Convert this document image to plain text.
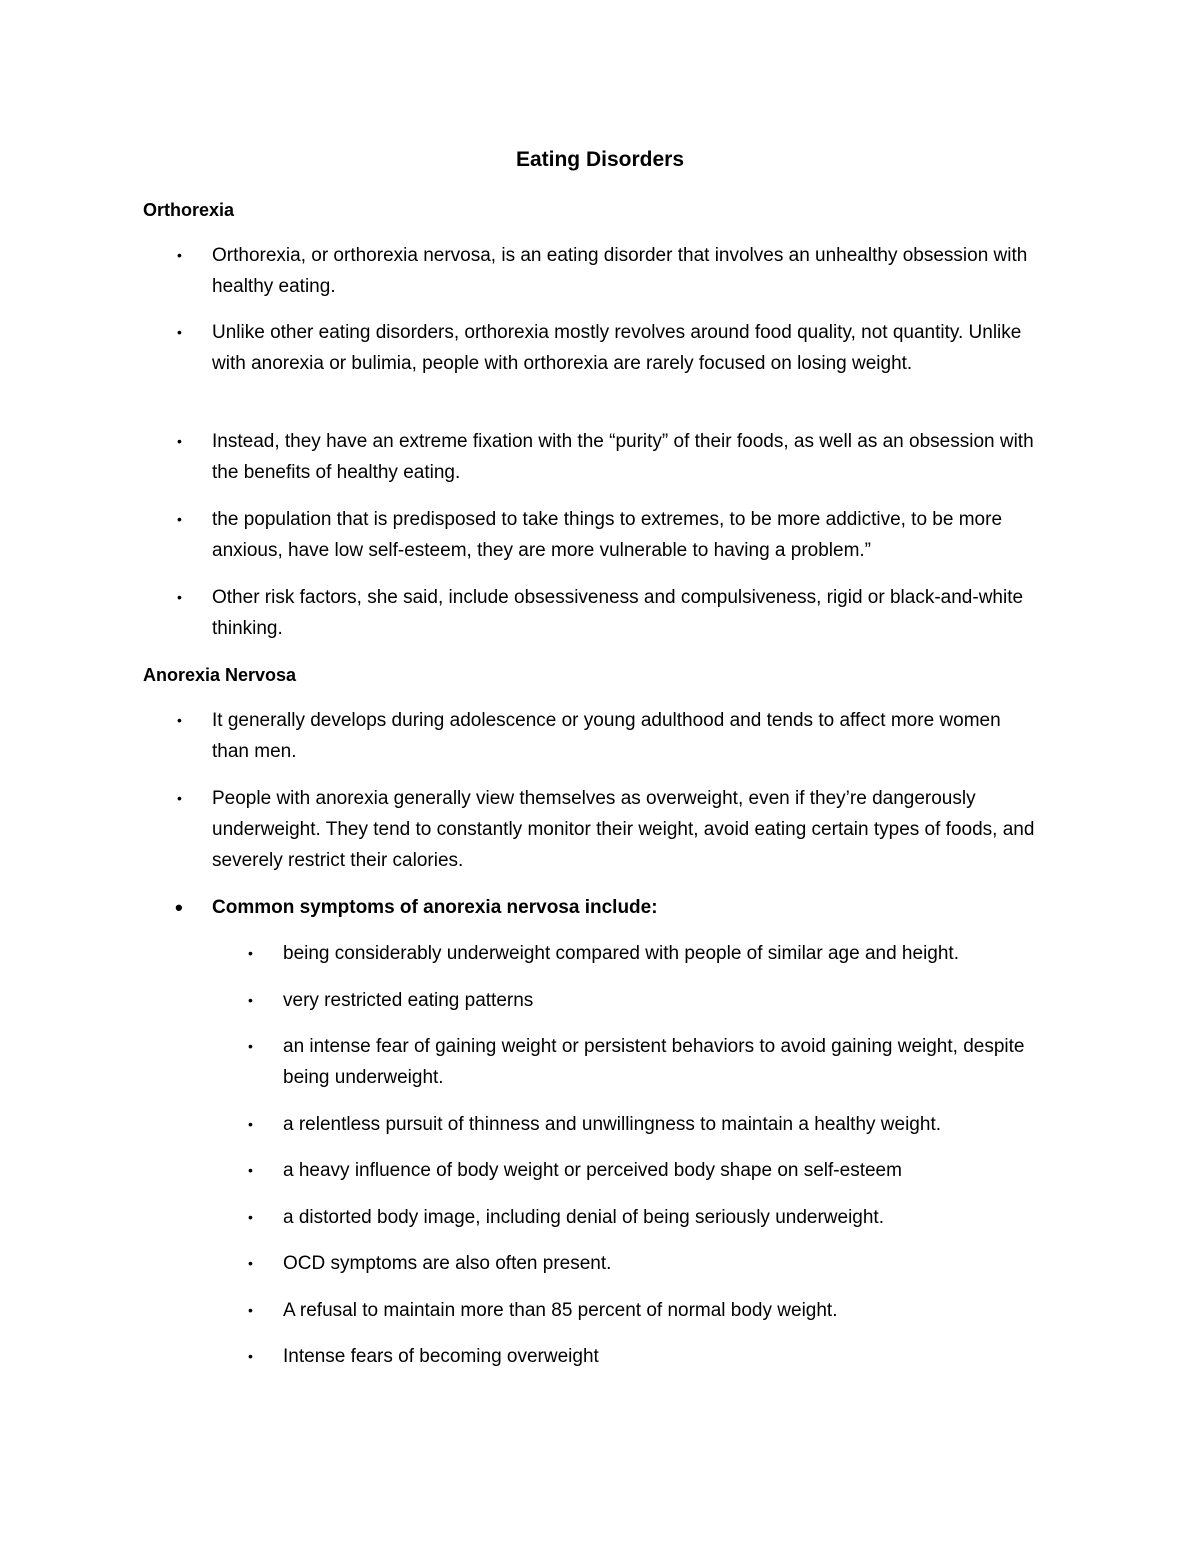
Eating Disorders
Orthorexia
• Orthorexia, or orthorexia nervosa, is an eating disorder that involves an unhealthy obsession with healthy eating.
• Unlike other eating disorders, orthorexia mostly revolves around food quality, not quantity. Unlike with anorexia or bulimia, people with orthorexia are rarely focused on losing weight.
• Instead, they have an extreme fixation with the “purity” of their foods, as well as an obsession with the benefits of healthy eating.
• the population that is predisposed to take things to extremes, to be more addictive, to be more anxious, have low self-esteem, they are more vulnerable to having a problem.”
• Other risk factors, she said, include obsessiveness and compulsiveness, rigid or black-and-white thinking.
Anorexia Nervosa
• It generally develops during adolescence or young adulthood and tends to affect more women than men.
• People with anorexia generally view themselves as overweight, even if they’re dangerously underweight. They tend to constantly monitor their weight, avoid eating certain types of foods, and severely restrict their calories.
• Common symptoms of anorexia nervosa include:
• being considerably underweight compared with people of similar age and height.
• very restricted eating patterns
• an intense fear of gaining weight or persistent behaviors to avoid gaining weight, despite being underweight.
• a relentless pursuit of thinness and unwillingness to maintain a healthy weight.
• a heavy influence of body weight or perceived body shape on self-esteem
• a distorted body image, including denial of being seriously underweight.
• OCD symptoms are also often present.
• A refusal to maintain more than 85 percent of normal body weight.
• Intense fears of becoming overweight
